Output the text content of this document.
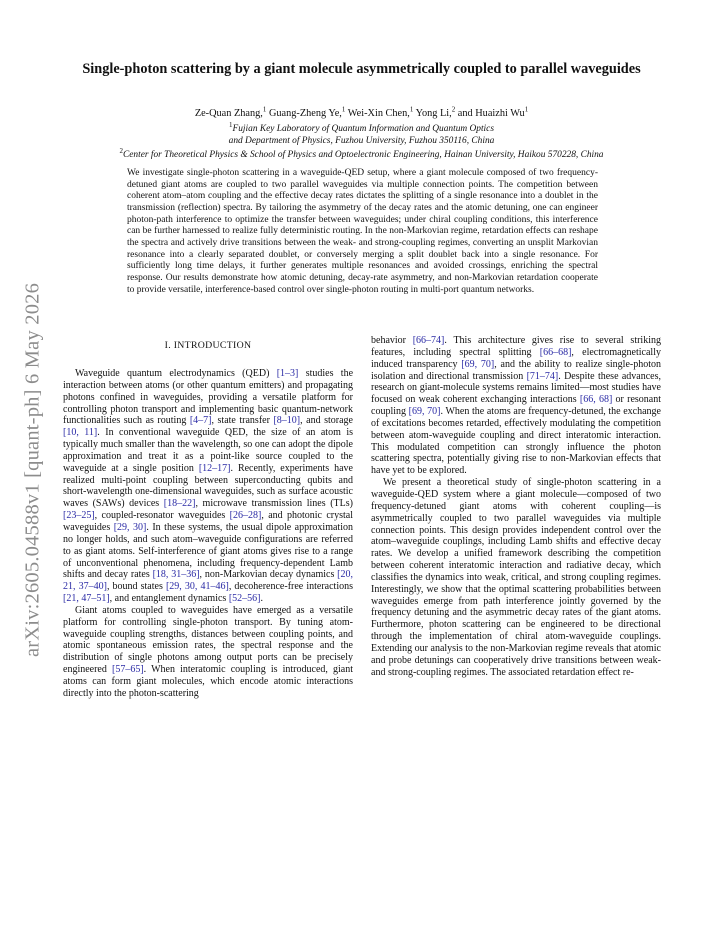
arXiv:2605.04588v1 [quant-ph] 6 May 2026
Single-photon scattering by a giant molecule asymmetrically coupled to parallel waveguides
Ze-Quan Zhang,$^1$ Guang-Zheng Ye,$^1$ Wei-Xin Chen,$^1$ Yong Li,$^2$ and Huaizhi Wu$^1$
$^1$Fujian Key Laboratory of Quantum Information and Quantum Optics
and Department of Physics, Fuzhou University, Fuzhou 350116, China
$^2$Center for Theoretical Physics & School of Physics and Optoelectronic Engineering, Hainan University, Haikou 570228, China
We investigate single-photon scattering in a waveguide-QED setup, where a giant molecule composed of two frequency-detuned giant atoms are coupled to two parallel waveguides via multiple connection points. The competition between coherent atom–atom coupling and the effective decay rates dictates the splitting of a single resonance into a doublet in the transmission (reflection) spectra. By tailoring the asymmetry of the decay rates and the atomic detuning, one can engineer photon-path interference to optimize the transfer between waveguides; under chiral coupling conditions, this interference can be further harnessed to realize fully deterministic routing. In the non-Markovian regime, retardation effects can reshape the spectra and actively drive transitions between the weak- and strong-coupling regimes, converting an unsplit Markovian resonance into a clearly separated doublet, or conversely merging a split doublet back into a single resonance. For sufficiently long time delays, it further generates multiple resonances and avoided crossings, enriching the spectral response. Our results demonstrate how atomic detuning, decay-rate asymmetry, and non-Markovian retardation cooperate to provide versatile, interference-based control over single-photon routing in multi-port quantum networks.
I. INTRODUCTION

Waveguide quantum electrodynamics (QED) [1–3] studies the interaction between atoms (or other quantum emitters) and propagating photons confined in waveguides, providing a versatile platform for controlling photon transport and implementing basic quantum-network functionalities such as routing [4–7], state transfer [8–10], and storage [10, 11]. In conventional waveguide QED, the size of an atom is typically much smaller than the wavelength, so one can adopt the dipole approximation and treat it as a point-like source coupled to the waveguide at a single position [12–17]. Recently, experiments have realized multi-point coupling between superconducting qubits and short-wavelength one-dimensional waveguides, such as surface acoustic waves (SAWs) devices [18–22], microwave transmission lines (TLs) [23–25], coupled-resonator waveguides [26–28], and photonic crystal waveguides [29, 30]. In these systems, the usual dipole approximation no longer holds, and such atom–waveguide configurations are referred to as giant atoms. Self-interference of giant atoms gives rise to a range of unconventional phenomena, including frequency-dependent Lamb shifts and decay rates [18, 31–36], non-Markovian decay dynamics [20, 21, 37–40], bound states [29, 30, 41–46], decoherence-free interactions [21, 47–51], and entanglement dynamics [52–56].

Giant atoms coupled to waveguides have emerged as a versatile platform for controlling single-photon transport. By tuning atom-waveguide coupling strengths, distances between coupling points, and atomic spontaneous emission rates, the spectral response and the distribution of single photons among output ports can be precisely engineered [57–65]. When interatomic coupling is introduced, giant atoms can form giant molecules, which encode atomic interactions directly into the photon-scattering

behavior [66–74]. This architecture gives rise to several striking features, including spectral splitting [66–68], electromagnetically induced transparency [69, 70], and the ability to realize single-photon isolation and directional transmission [71–74]. Despite these advances, research on giant-molecule systems remains limited—most studies have focused on weak coherent exchanging interactions [66, 68] or resonant coupling [69, 70]. When the atoms are frequency-detuned, the exchange of excitations becomes retarded, effectively modulating the competition between atom-waveguide coupling and direct interatomic interaction. This modulated competition can strongly influence the photon scattering spectra, potentially giving rise to non-Markovian effects that have yet to be explored.

We present a theoretical study of single-photon scattering in a waveguide-QED system where a giant molecule—composed of two frequency-detuned giant atoms with coherent coupling—is asymmetrically coupled to two parallel waveguides via multiple connection points. This design provides independent control over the atom–waveguide couplings, including Lamb shifts and effective decay rates. We develop a unified framework describing the competition between coherent interatomic interaction and radiative decay, which classifies the dynamics into weak, critical, and strong coupling regimes. Interestingly, we show that the optimal scattering probabilities between waveguides emerge from path interference jointly governed by the frequency detuning and the asymmetric decay rates of the giant atoms. Furthermore, photon scattering can be engineered to be directional through the implementation of chiral atom-waveguide couplings. Extending our analysis to the non-Markovian regime reveals that atomic and probe detunings can cooperatively drive transitions between weak- and strong-coupling regimes. The associated retardation effect re-
